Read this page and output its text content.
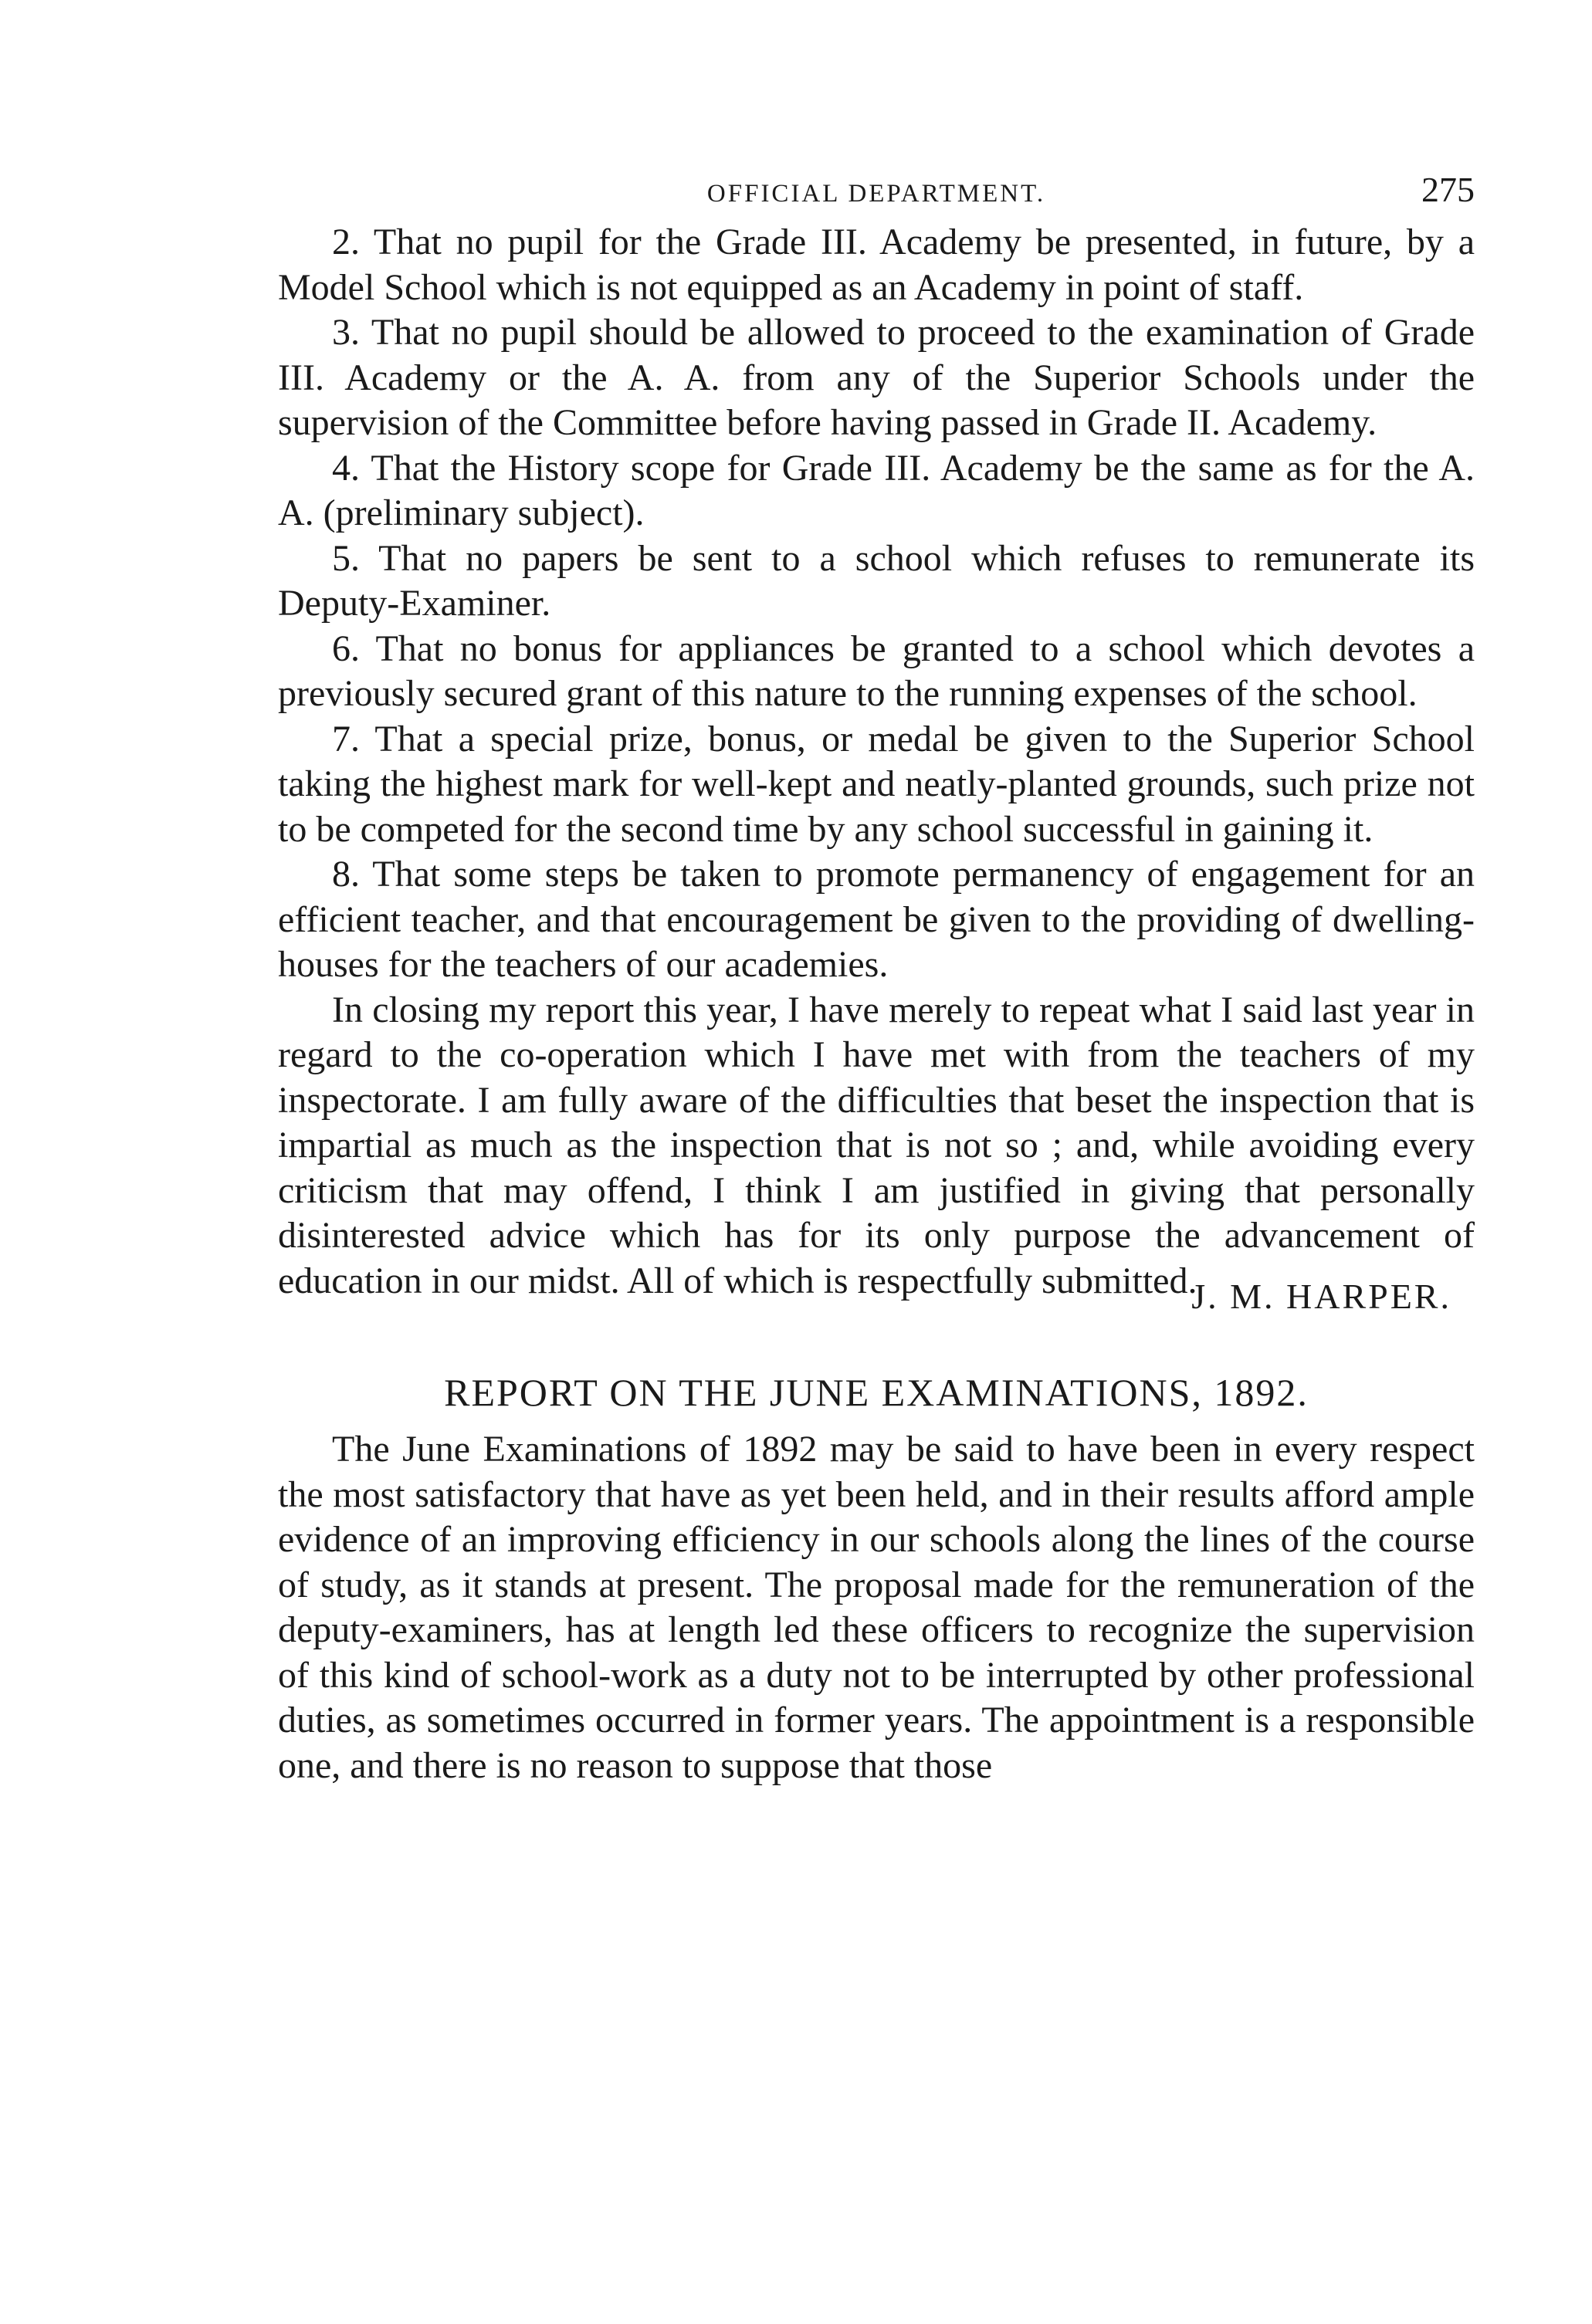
OFFICIAL DEPARTMENT.	275

2. That no pupil for the Grade III. Academy be presented, in future, by a Model School which is not equipped as an Academy in point of staff.

3. That no pupil should be allowed to proceed to the examination of Grade III. Academy or the A. A. from any of the Superior Schools under the supervision of the Committee before having passed in Grade II. Academy.

4. That the History scope for Grade III. Academy be the same as for the A. A. (preliminary subject).

5. That no papers be sent to a school which refuses to remunerate its Deputy-Examiner.

6. That no bonus for appliances be granted to a school which devotes a previously secured grant of this nature to the running expenses of the school.

7. That a special prize, bonus, or medal be given to the Superior School taking the highest mark for well-kept and neatly-planted grounds, such prize not to be competed for the second time by any school successful in gaining it.

8. That some steps be taken to promote permanency of engagement for an efficient teacher, and that encouragement be given to the providing of dwelling-houses for the teachers of our academies.

In closing my report this year, I have merely to repeat what I said last year in regard to the co-operation which I have met with from the teachers of my inspectorate. I am fully aware of the difficulties that beset the inspection that is impartial as much as the inspection that is not so ; and, while avoiding every criticism that may offend, I think I am justified in giving that personally disinterested advice which has for its only purpose the advancement of education in our midst. All of which is respectfully submitted.

J. M. HARPER.
REPORT ON THE JUNE EXAMINATIONS, 1892.

The June Examinations of 1892 may be said to have been in every respect the most satisfactory that have as yet been held, and in their results afford ample evidence of an improving efficiency in our schools along the lines of the course of study, as it stands at present. The proposal made for the remuneration of the deputy-examiners, has at length led these officers to recognize the supervision of this kind of school-work as a duty not to be interrupted by other professional duties, as sometimes occurred in former years. The appointment is a responsible one, and there is no reason to suppose that those
